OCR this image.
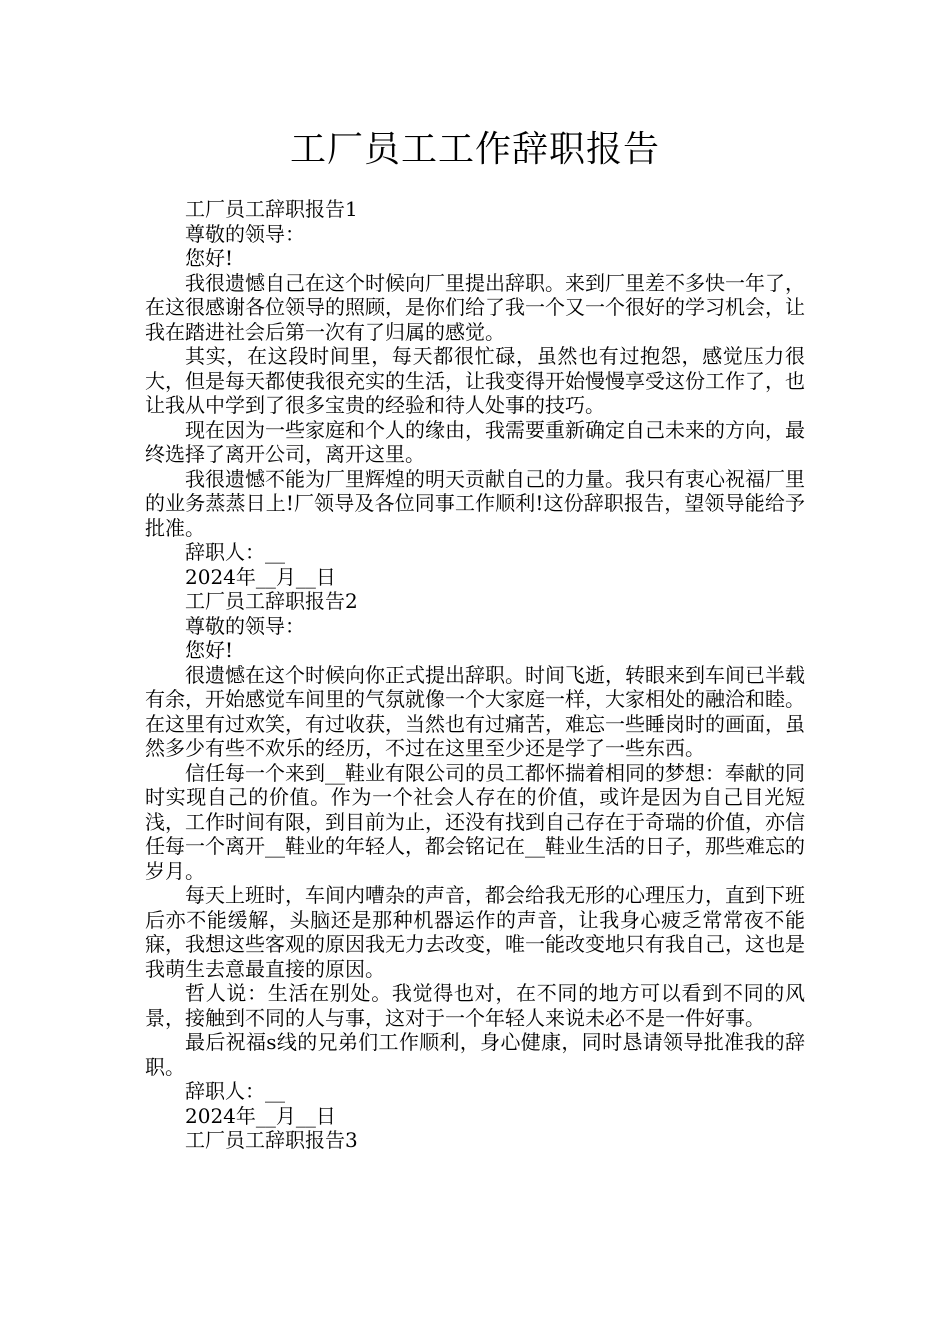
工厂员工工作辞职报告

工厂员工辞职报告1

尊敬的领导：

您好!

我很遗憾自己在这个时候向厂里提出辞职。来到厂里差不多快一年了，在这很感谢各位领导的照顾，是你们给了我一个又一个很好的学习机会，让我在踏进社会后第一次有了归属的感觉。

其实，在这段时间里，每天都很忙碌，虽然也有过抱怨，感觉压力很大，但是每天都使我很充实的生活，让我变得开始慢慢享受这份工作了，也让我从中学到了很多宝贵的经验和待人处事的技巧。

现在因为一些家庭和个人的缘由，我需要重新确定自己未来的方向，最终选择了离开公司，离开这里。

我很遗憾不能为厂里辉煌的明天贡献自己的力量。我只有衷心祝福厂里的业务蒸蒸日上!厂领导及各位同事工作顺利!这份辞职报告，望领导能给予批准。

辞职人：__

2024年__月__日

工厂员工辞职报告2

尊敬的领导：

您好!

很遗憾在这个时候向你正式提出辞职。时间飞逝，转眼来到车间已半载有余，开始感觉车间里的气氛就像一个大家庭一样，大家相处的融洽和睦。在这里有过欢笑，有过收获，当然也有过痛苦，难忘一些睡岗时的画面，虽然多少有些不欢乐的经历，不过在这里至少还是学了一些东西。

信任每一个来到__鞋业有限公司的员工都怀揣着相同的梦想：奉献的同时实现自己的价值。作为一个社会人存在的价值，或许是因为自己目光短浅，工作时间有限，到目前为止，还没有找到自己存在于奇瑞的价值，亦信任每一个离开__鞋业的年轻人，都会铭记在__鞋业生活的日子，那些难忘的岁月。

每天上班时，车间内嘈杂的声音，都会给我无形的心理压力，直到下班后亦不能缓解，头脑还是那种机器运作的声音，让我身心疲乏常常夜不能寐，我想这些客观的原因我无力去改变，唯一能改变地只有我自己，这也是我萌生去意最直接的原因。

哲人说：生活在别处。我觉得也对，在不同的地方可以看到不同的风景，接触到不同的人与事，这对于一个年轻人来说未必不是一件好事。

最后祝福s线的兄弟们工作顺利，身心健康，同时恳请领导批准我的辞职。

辞职人：__

2024年__月__日

工厂员工辞职报告3
